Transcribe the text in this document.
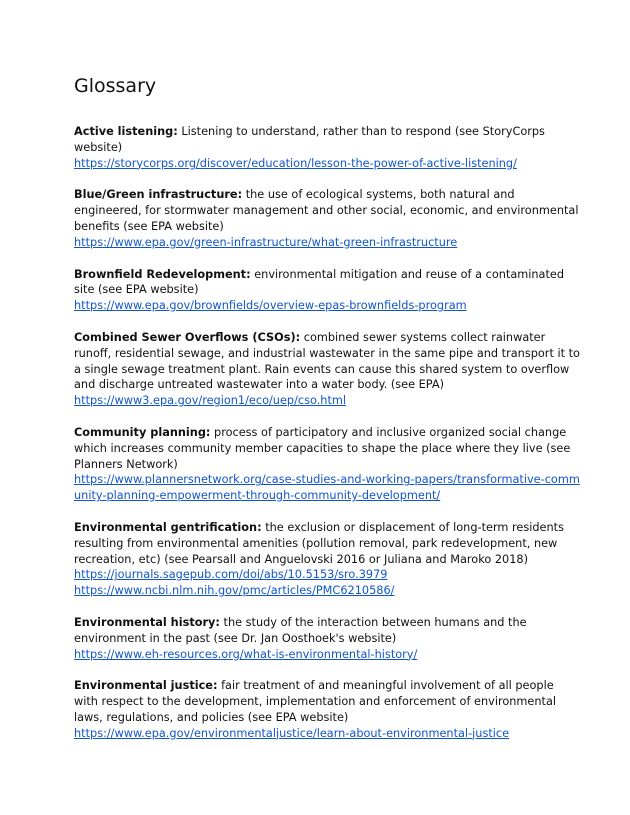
Glossary
Active listening: Listening to understand, rather than to respond (see StoryCorps website)
https://storycorps.org/discover/education/lesson-the-power-of-active-listening/
Blue/Green infrastructure: the use of ecological systems, both natural and engineered, for stormwater management and other social, economic, and environmental benefits (see EPA website)
https://www.epa.gov/green-infrastructure/what-green-infrastructure
Brownfield Redevelopment: environmental mitigation and reuse of a contaminated site (see EPA website)
https://www.epa.gov/brownfields/overview-epas-brownfields-program
Combined Sewer Overflows (CSOs): combined sewer systems collect rainwater runoff, residential sewage, and industrial wastewater in the same pipe and transport it to a single sewage treatment plant. Rain events can cause this shared system to overflow and discharge untreated wastewater into a water body. (see EPA)
https://www3.epa.gov/region1/eco/uep/cso.html
Community planning: process of participatory and inclusive organized social change which increases community member capacities to shape the place where they live (see Planners Network)
https://www.plannersnetwork.org/case-studies-and-working-papers/transformative-community-planning-empowerment-through-community-development/
Environmental gentrification: the exclusion or displacement of long-term residents resulting from environmental amenities (pollution removal, park redevelopment, new recreation, etc) (see Pearsall and Anguelovski 2016 or Juliana and Maroko 2018)
https://journals.sagepub.com/doi/abs/10.5153/sro.3979
https://www.ncbi.nlm.nih.gov/pmc/articles/PMC6210586/
Environmental history: the study of the interaction between humans and the environment in the past (see Dr. Jan Oosthoek's website)
https://www.eh-resources.org/what-is-environmental-history/
Environmental justice: fair treatment of and meaningful involvement of all people with respect to the development, implementation and enforcement of environmental laws, regulations, and policies (see EPA website)
https://www.epa.gov/environmentaljustice/learn-about-environmental-justice
